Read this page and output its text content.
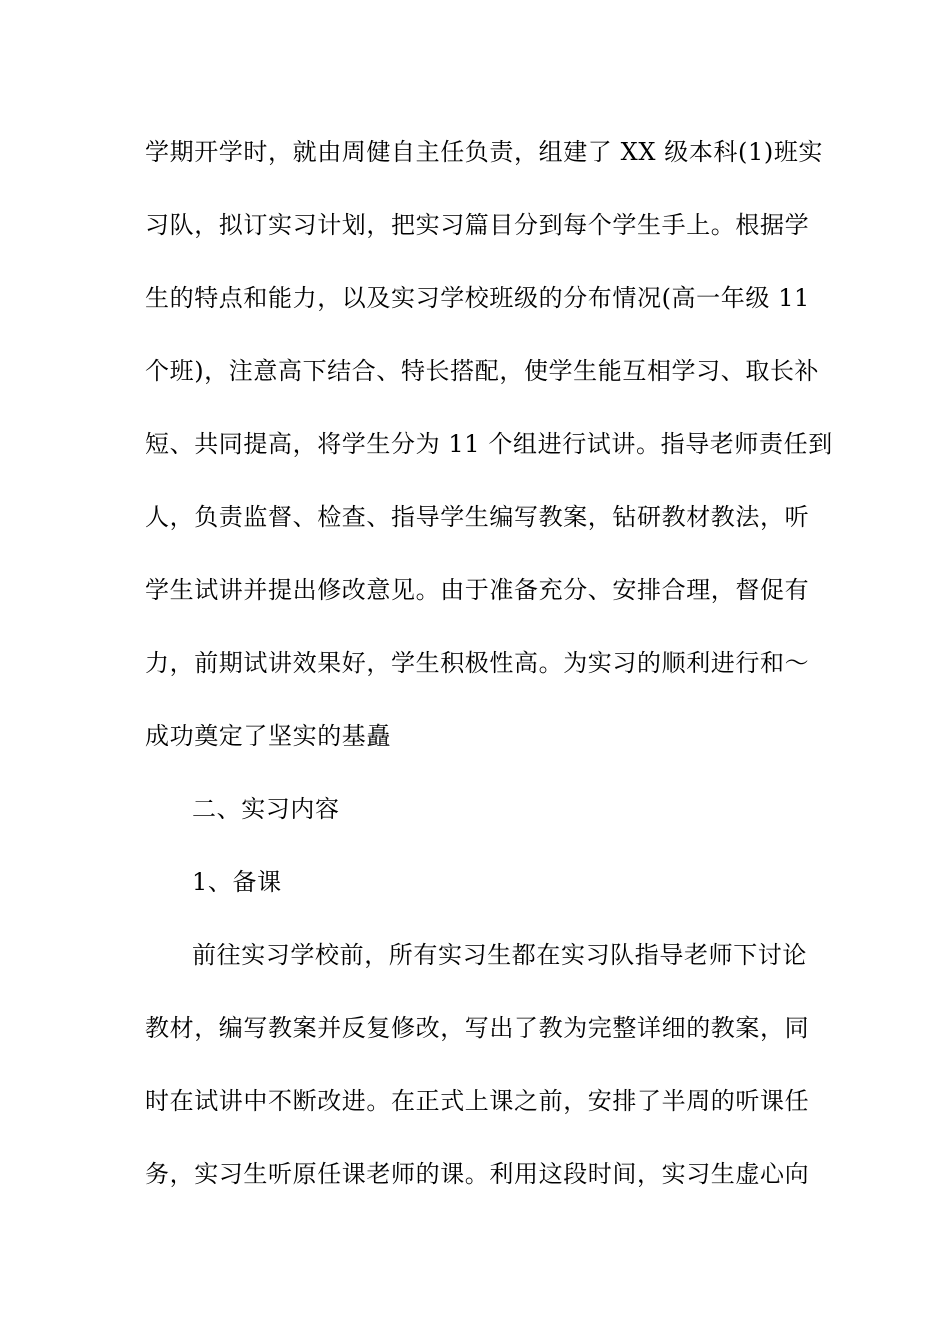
学期开学时，就由周健自主任负责，组建了 XX 级本科(1)班实
习队，拟订实习计划，把实习篇目分到每个学生手上。根据学
生的特点和能力，以及实习学校班级的分布情况(高一年级 11
个班)，注意高下结合、特长搭配，使学生能互相学习、取长补
短、共同提高，将学生分为 11 个组进行试讲。指导老师责任到
人，负责监督、检查、指导学生编写教案，钻研教材教法，听
学生试讲并提出修改意见。由于准备充分、安排合理，督促有
力，前期试讲效果好，学生积极性高。为实习的顺利进行和～
成功奠定了坚实的基矗
二、实习内容
1、备课
前往实习学校前，所有实习生都在实习队指导老师下讨论
教材，编写教案并反复修改，写出了教为完整详细的教案，同
时在试讲中不断改进。在正式上课之前，安排了半周的听课任
务，实习生听原任课老师的课。利用这段时间，实习生虚心向
